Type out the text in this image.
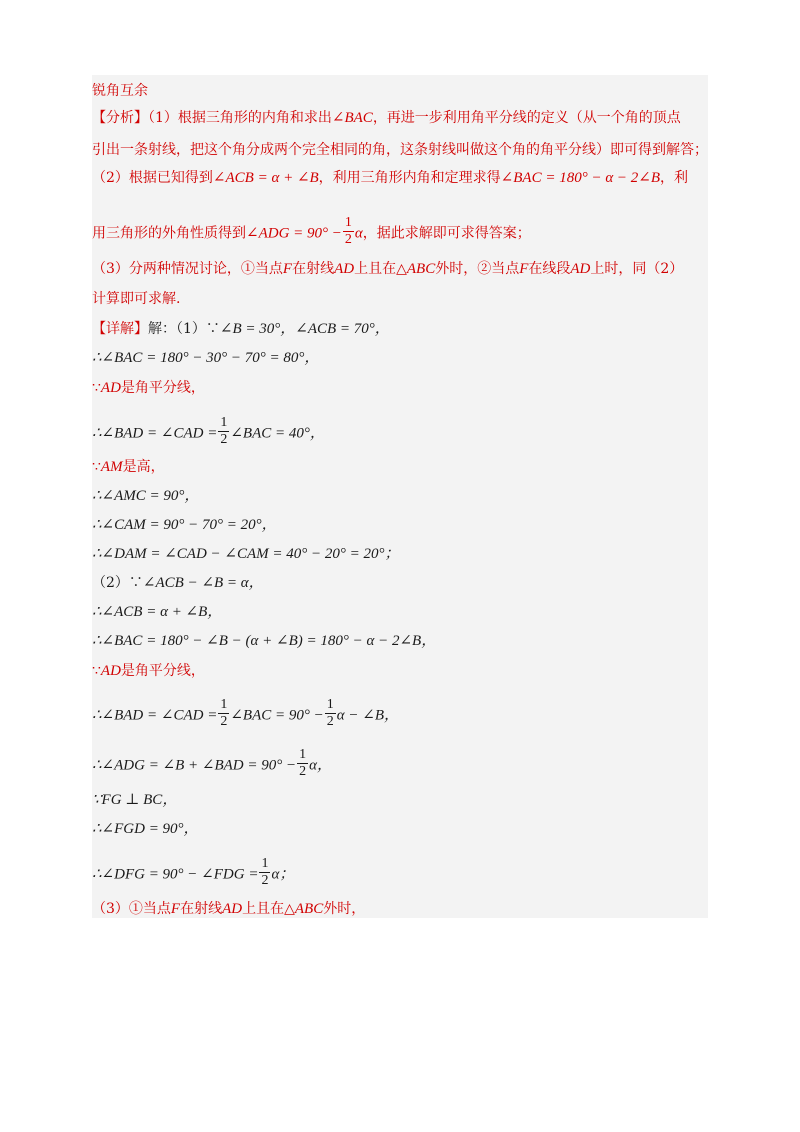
锐角互余
【分析】（1）根据三角形的内角和求出∠BAC，再进一步利用角平分线的定义（从一个角的顶点
引出一条射线，把这个角分成两个完全相同的角，这条射线叫做这个角的角平分线）即可得到解答；
（2）根据已知得到∠ACB = α + ∠B，利用三角形内角和定理求得∠BAC = 180° − α − 2∠B，利
用三角形的外角性质得到∠ADG = $90^\circ - \frac{1}{2}$ α，据此求解即可求得答案；
（3）分两种情况讨论，①当点F在射线AD上且在△ABC外时，②当点F在线段AD上时，同（2）
计算即可求解.
【详解】解：（1）∵∠B = 30°，∠ACB = 70°，
∴∠BAC = 180° − 30° − 70° = 80°，
∵AD是角平分线，
∴∠BAD = ∠CAD = $\frac{1}{2}$ ∠BAC = 40°，
∵AM是高，
∴∠AMC = 90°，
∴∠CAM = 90° − 70° = 20°，
∴∠DAM = ∠CAD − ∠CAM = 40° − 20° = 20°；
（2）∵∠ACB − ∠B = α，
∴∠ACB = α + ∠B，
∴∠BAC = 180° − ∠B − (α + ∠B) = 180° − α − 2∠B，
∵AD是角平分线，
∴∠BAD = ∠CAD = $\frac{1}{2}$ ∠BAC = $90^\circ - \frac{1}{2}$ α − ∠B，
∴∠ADG = ∠B + ∠BAD = $90^\circ - \frac{1}{2}$ α，
∵FG ⊥ BC，
∴∠FGD = 90°，
∴∠DFG = 90° − ∠FDG = $\frac{1}{2}$ α；
（3）①当点F在射线AD上且在△ABC外时，
